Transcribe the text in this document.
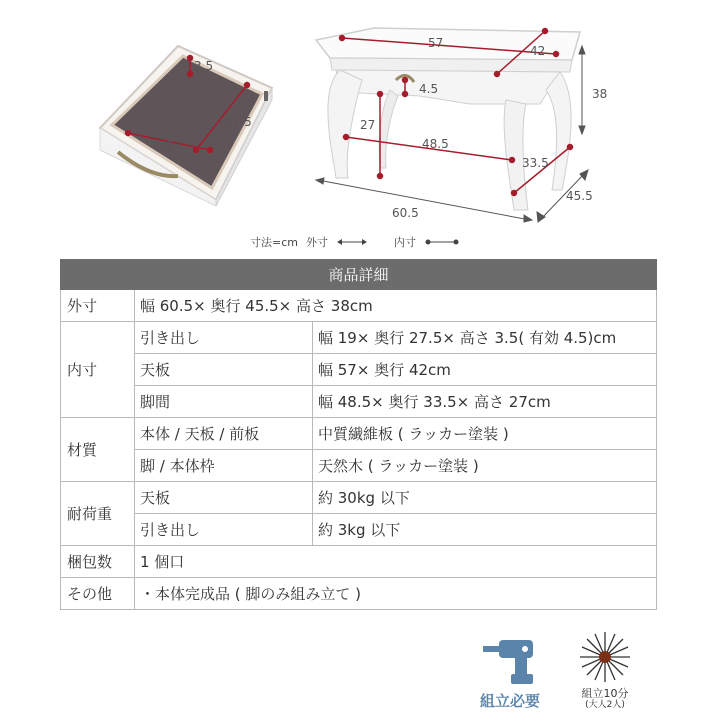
3.5
27.5
19
57
42
4.5	38
27
48.5
33.5
60.5
45.5
寸法=cm 外寸	内寸
商品詳細		
外寸	幅 60.5× 奥行 45.5× 高さ 38cm	
内寸	引き出し	幅 19× 奥行 27.5× 高さ 3.5( 有効 4.5)cm
	天板	幅 57× 奥行 42cm
	脚間	幅 48.5× 奥行 33.5× 高さ 27cm
材質	本体 / 天板 / 前板	中質繊維板 ( ラッカー塗装 )
	脚 / 本体枠	天然木 ( ラッカー塗装 )
耐荷重	天板	約 30kg 以下
	引き出し	約 3kg 以下
梱包数	1 個口	
その他	・本体完成品 ( 脚のみ組み立て )	
組立必要	組立10分
(大人2人)
